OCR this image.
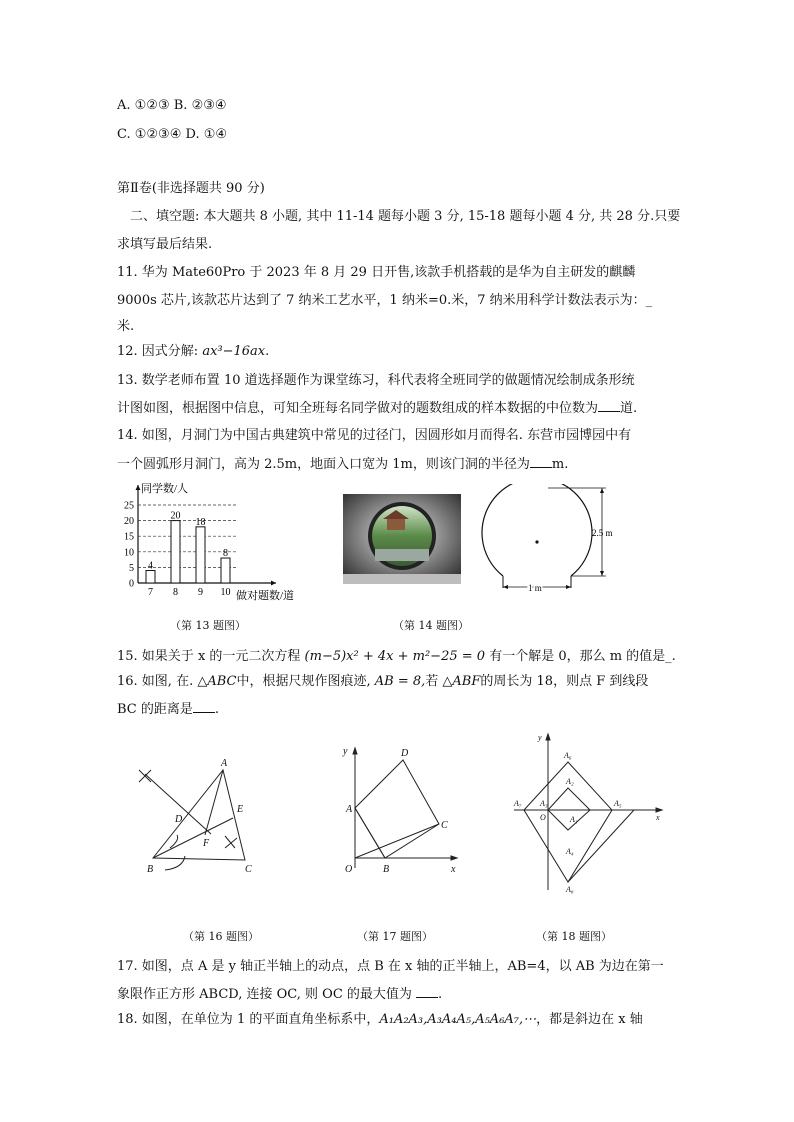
A. ①②③ B. ②③④
C. ①②③④ D. ①④
第Ⅱ卷(非选择题共 90 分)
二、填空题: 本大题共 8 小题, 其中 11-14 题每小题 3 分, 15-18 题每小题 4 分, 共 28 分.只要
求填写最后结果.
11. 华为 Mate60Pro 于 2023 年 8 月 29 日开售,该款手机搭载的是华为自主研发的麒麟
9000s 芯片,该款芯片达到了 7 纳米工艺水平，1 纳米=0.米，7 纳米用科学计数法表示为：_
米.
12. 因式分解: ax³−16ax.
13. 数学老师布置 10 道选择题作为课堂练习，科代表将全班同学的做题情况绘制成条形统
计图如图，根据图中信息，可知全班每名同学做对的题数组成的样本数据的中位数为 道.
14. 如图，月洞门为中国古典建筑中常见的过径门，因圆形如月而得名. 东营市园博园中有
一个圆弧形月洞门，高为 2.5m，地面入口宽为 1m，则该门洞的半径为 m.
0
5
10
15
20
25
4
7
20
8
18
9
8
10
同学数/人
做对题数/道
（第 13 题图）
2.5 m
1 m
（第 14 题图）
15. 如果关于 x 的一元二次方程 (m−5)x² + 4x + m²−25 = 0 有一个解是 0，那么 m 的值是_.
16. 如图, 在. △ABC中，根据尺规作图痕迹, AB = 8,若 △ABF的周长为 18，则点 F 到线段
BC 的距离是 .
A
B	C
D
E
F
（第 16 题图）
A
B
C
D
O	x
y
（第 17 题图）
A₆
A₂
A₃
A₁
A₅
A₇
O
A₄
A₈
x
y
（第 18 题图）
17. 如图，点 A 是 y 轴正半轴上的动点，点 B 在 x 轴的正半轴上，AB=4，以 AB 为边在第一
象限作正方形 ABCD, 连接 OC, 则 OC 的最大值为 .
18. 如图，在单位为 1 的平面直角坐标系中，A₁A₂A₃,A₃A₄A₅,A₅A₆A₇,⋯，都是斜边在 x 轴
